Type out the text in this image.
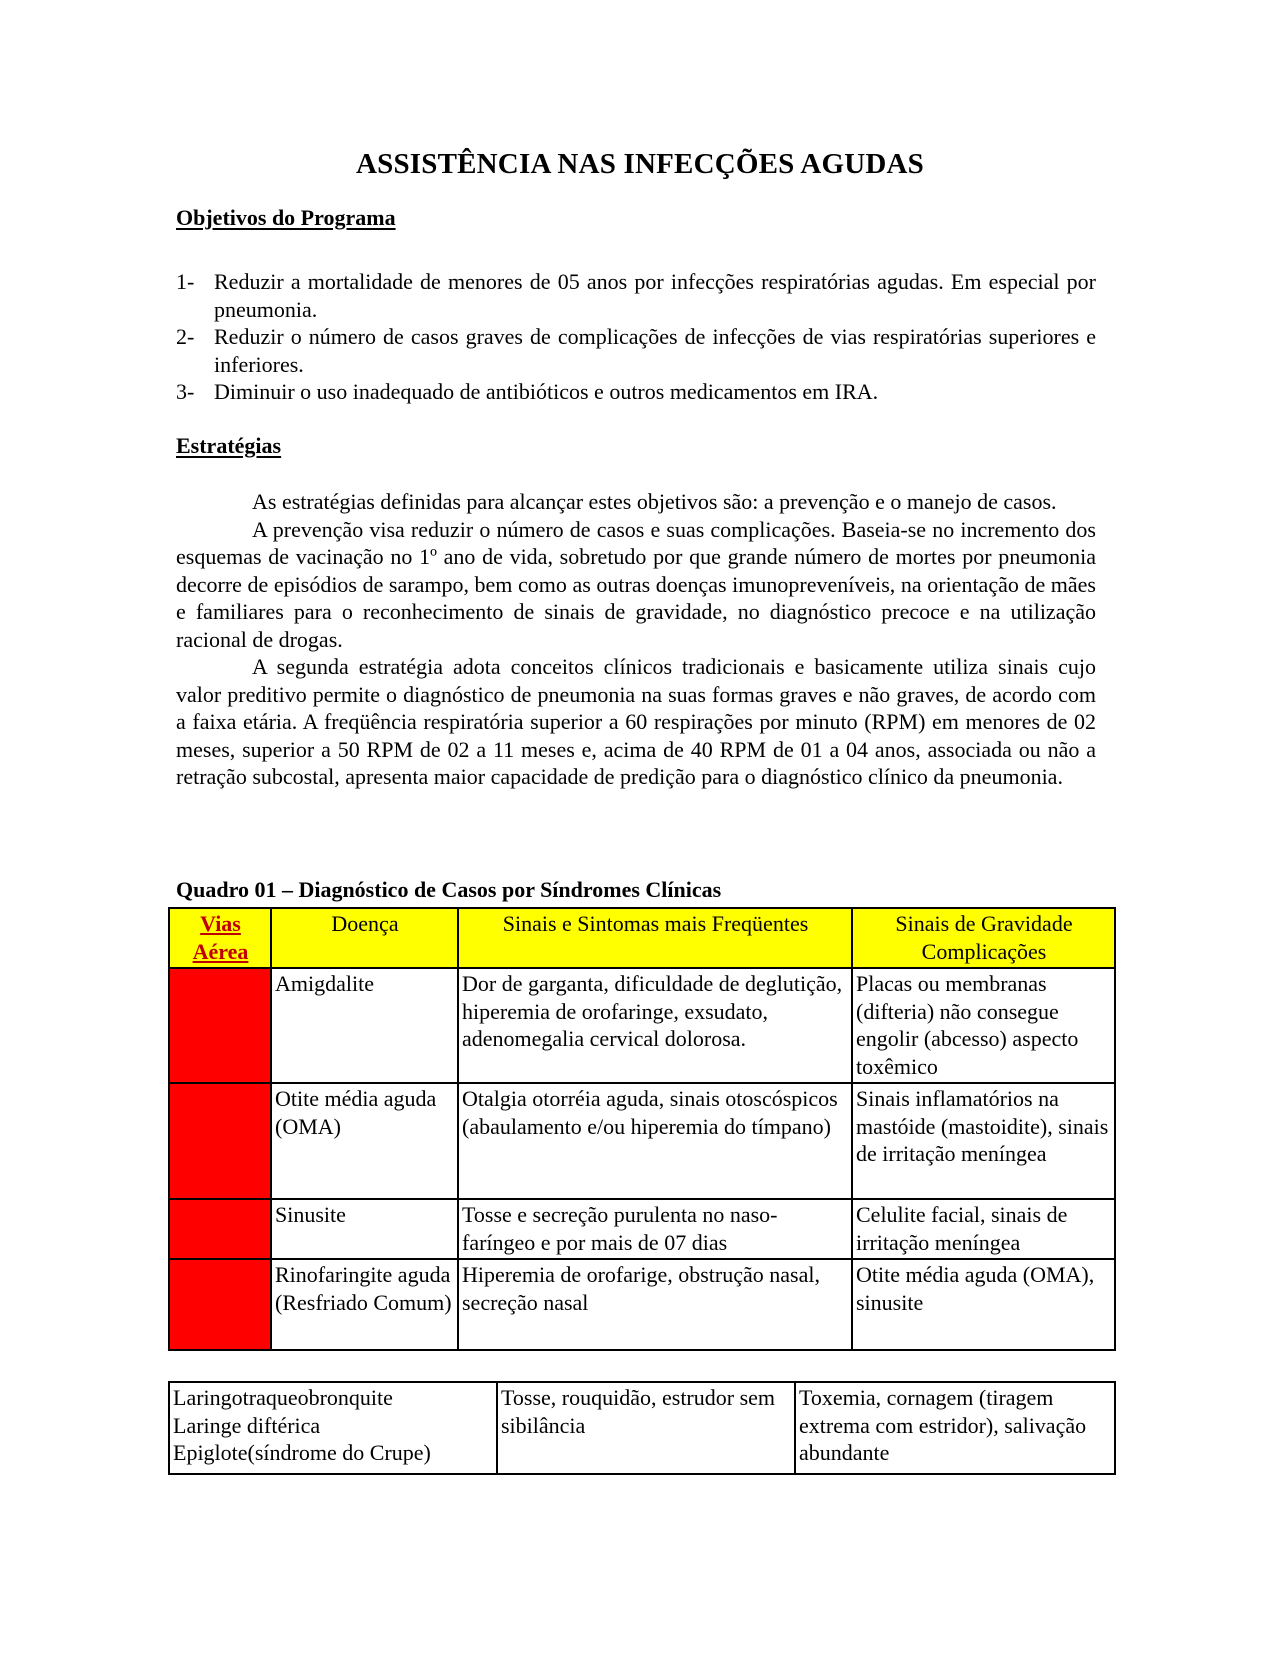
ASSISTÊNCIA NAS INFECÇÕES AGUDAS
Objetivos do Programa
1- Reduzir a mortalidade de menores de 05 anos por infecções respiratórias agudas. Em especial por pneumonia.
2- Reduzir o número de casos graves de complicações de infecções de vias respiratórias superiores e inferiores.
3- Diminuir o uso inadequado de antibióticos e outros medicamentos em IRA.
Estratégias

As estratégias definidas para alcançar estes objetivos são: a prevenção e o manejo de casos.

A prevenção visa reduzir o número de casos e suas complicações. Baseia-se no incremento dos esquemas de vacinação no 1º ano de vida, sobretudo por que grande número de mortes por pneumonia decorre de episódios de sarampo, bem como as outras doenças imunopreveníveis, na orientação de mães e familiares para o reconhecimento de sinais de gravidade, no diagnóstico precoce e na utilização racional de drogas.

A segunda estratégia adota conceitos clínicos tradicionais e basicamente utiliza sinais cujo valor preditivo permite o diagnóstico de pneumonia na suas formas graves e não graves, de acordo com a faixa etária. A freqüência respiratória superior a 60 respirações por minuto (RPM) em menores de 02 meses, superior a 50 RPM de 02 a 11 meses e, acima de 40 RPM de 01 a 04 anos, associada ou não a retração subcostal, apresenta maior capacidade de predição para o diagnóstico clínico da pneumonia.

Quadro 01 – Diagnóstico de Casos por Síndromes Clínicas
Vias
Aérea	Doença	Sinais e Sintomas mais Freqüentes	Sinais de Gravidade
Complicações
	Amigdalite	Dor de garganta, dificuldade de deglutição, hiperemia de orofaringe, exsudato, adenomegalia cervical dolorosa.	Placas ou membranas (difteria) não consegue engolir (abcesso) aspecto toxêmico
	Otite média aguda (OMA)	Otalgia otorréia aguda, sinais otoscóspicos (abaulamento e/ou hiperemia do tímpano)	Sinais inflamatórios na mastóide (mastoidite), sinais de irritação meníngea
	Sinusite	Tosse e secreção purulenta no naso-faríngeo e por mais de 07 dias	Celulite facial, sinais de irritação meníngea
	Rinofaringite aguda (Resfriado Comum)	Hiperemia de orofarige, obstrução nasal, secreção nasal	Otite média aguda (OMA), sinusite
Laringotraqueobronquite
Laringe diftérica
Epiglote(síndrome do Crupe)	Tosse, rouquidão, estrudor sem sibilância	Toxemia, cornagem (tiragem extrema com estridor), salivação abundante
